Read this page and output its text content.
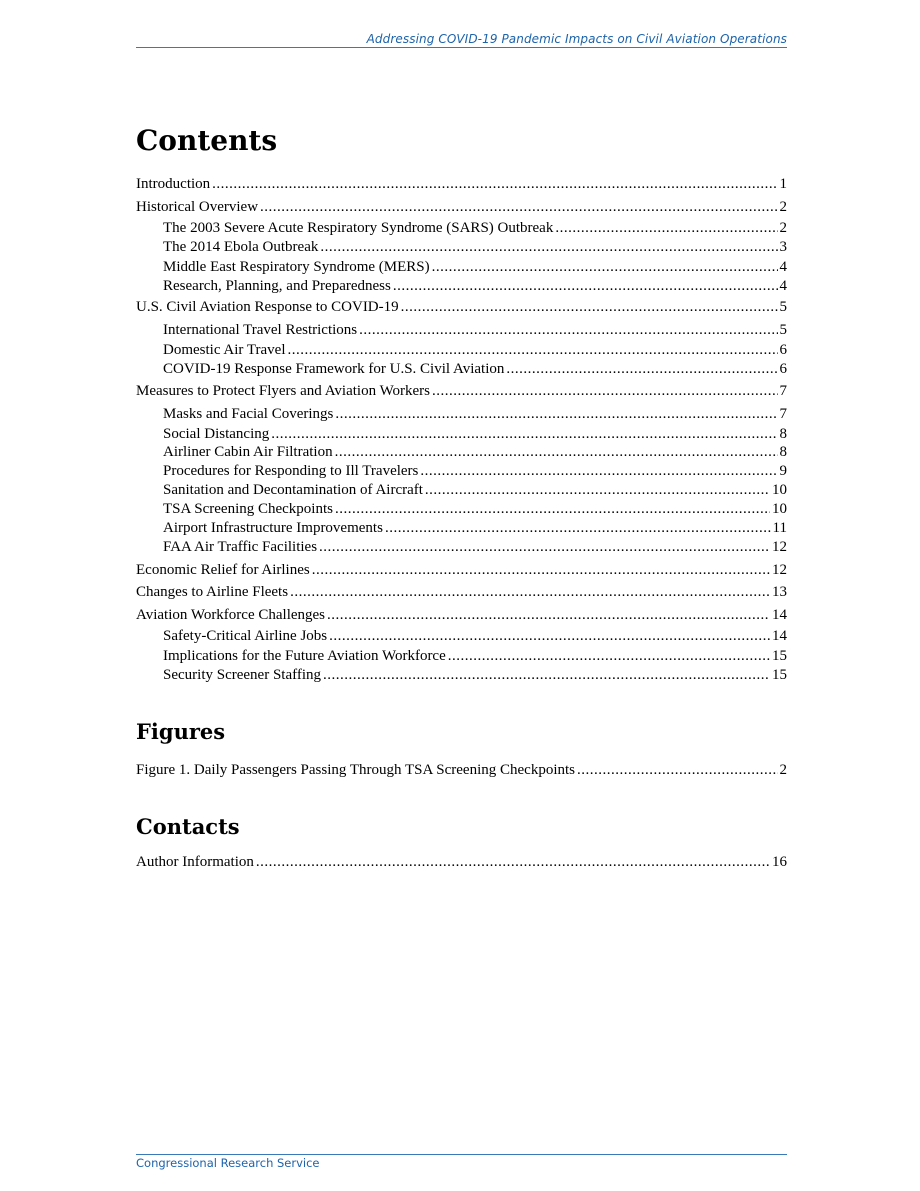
Addressing COVID-19 Pandemic Impacts on Civil Aviation Operations
Contents
Introduction .....	1
Historical Overview .....	2
The 2003 Severe Acute Respiratory Syndrome (SARS) Outbreak .....	2
The 2014 Ebola Outbreak .....	3
Middle East Respiratory Syndrome (MERS) .....	4
Research, Planning, and Preparedness .....	4
U.S. Civil Aviation Response to COVID-19 .....	5
International Travel Restrictions .....	5
Domestic Air Travel .....	6
COVID-19 Response Framework for U.S. Civil Aviation .....	6
Measures to Protect Flyers and Aviation Workers .....	7
Masks and Facial Coverings .....	7
Social Distancing .....	8
Airliner Cabin Air Filtration .....	8
Procedures for Responding to Ill Travelers .....	9
Sanitation and Decontamination of Aircraft .....	10
TSA Screening Checkpoints .....	10
Airport Infrastructure Improvements .....	11
FAA Air Traffic Facilities .....	12
Economic Relief for Airlines .....	12
Changes to Airline Fleets .....	13
Aviation Workforce Challenges .....	14
Safety-Critical Airline Jobs .....	14
Implications for the Future Aviation Workforce .....	15
Security Screener Staffing .....	15
Figures
Figure 1. Daily Passengers Passing Through TSA Screening Checkpoints .....	2
Contacts
Author Information .....	16
Congressional Research Service
